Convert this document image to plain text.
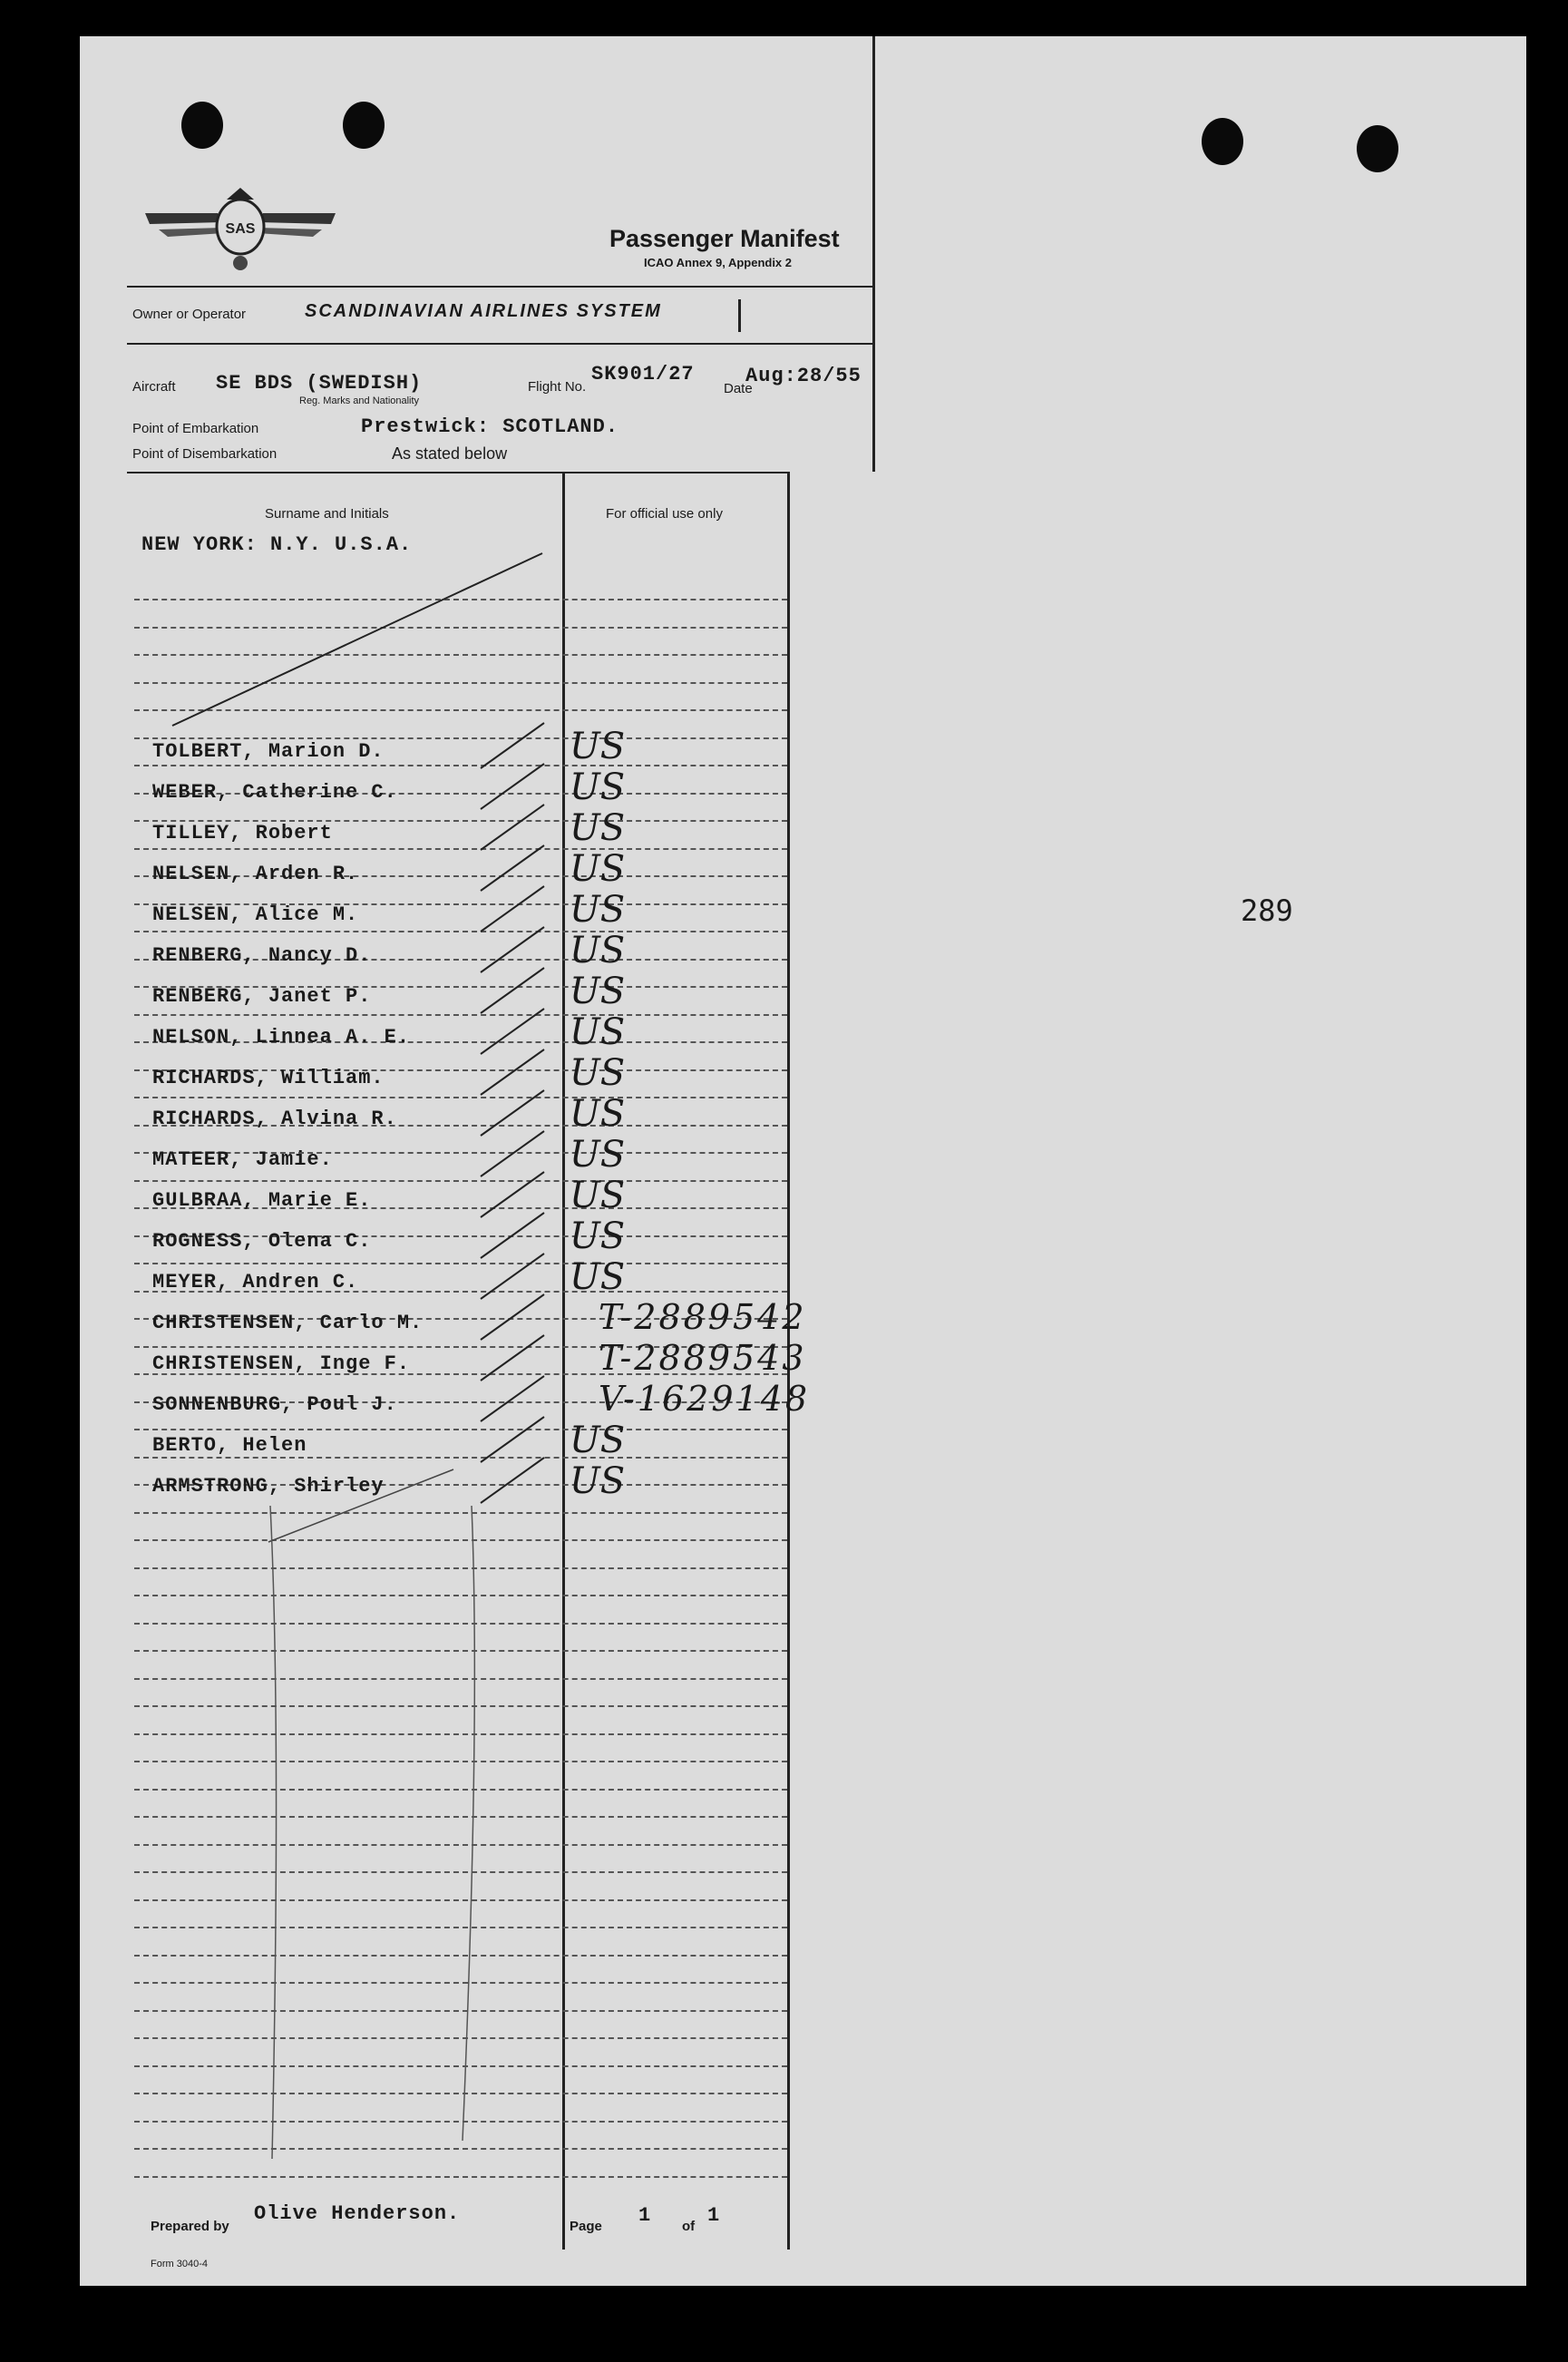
SAS	Passenger Manifest
ICAO Annex 9, Appendix 2
Owner or Operator	SCANDINAVIAN AIRLINES SYSTEM
Aircraft SE BDS (SWEDISH)
Reg. Marks and Nationality
Flight No.
SK901/27
Date
Aug:28/55
Point of Embarkation	Prestwick: SCOTLAND.
Point of Disembarkation	As stated below
Surname and Initials	For official use only
NEW YORK: N.Y. U.S.A.
TOLBERT, Marion D.	US
WEBER, Catherine C.	US
TILLEY, Robert	US
NELSEN, Arden R.	US
NELSEN, Alice M.	US
RENBERG, Nancy D.	US
RENBERG, Janet P.	US
NELSON, Linnea A. E.	US
RICHARDS, William.	US
RICHARDS, Alvina R.	US
MATEER, Jamie.	US
GULBRAA, Marie E.	US
ROGNESS, Olena C.	US
MEYER, Andren C.	US
CHRISTENSEN, Carlo M.	T-2889542
CHRISTENSEN, Inge F.	T-2889543
SONNENBURG, Poul J.	V-1629148
BERTO, Helen	US
ARMSTRONG, Shirley	US
289
Prepared by
Olive Henderson.
Page 1 of 1
Form 3040-4
